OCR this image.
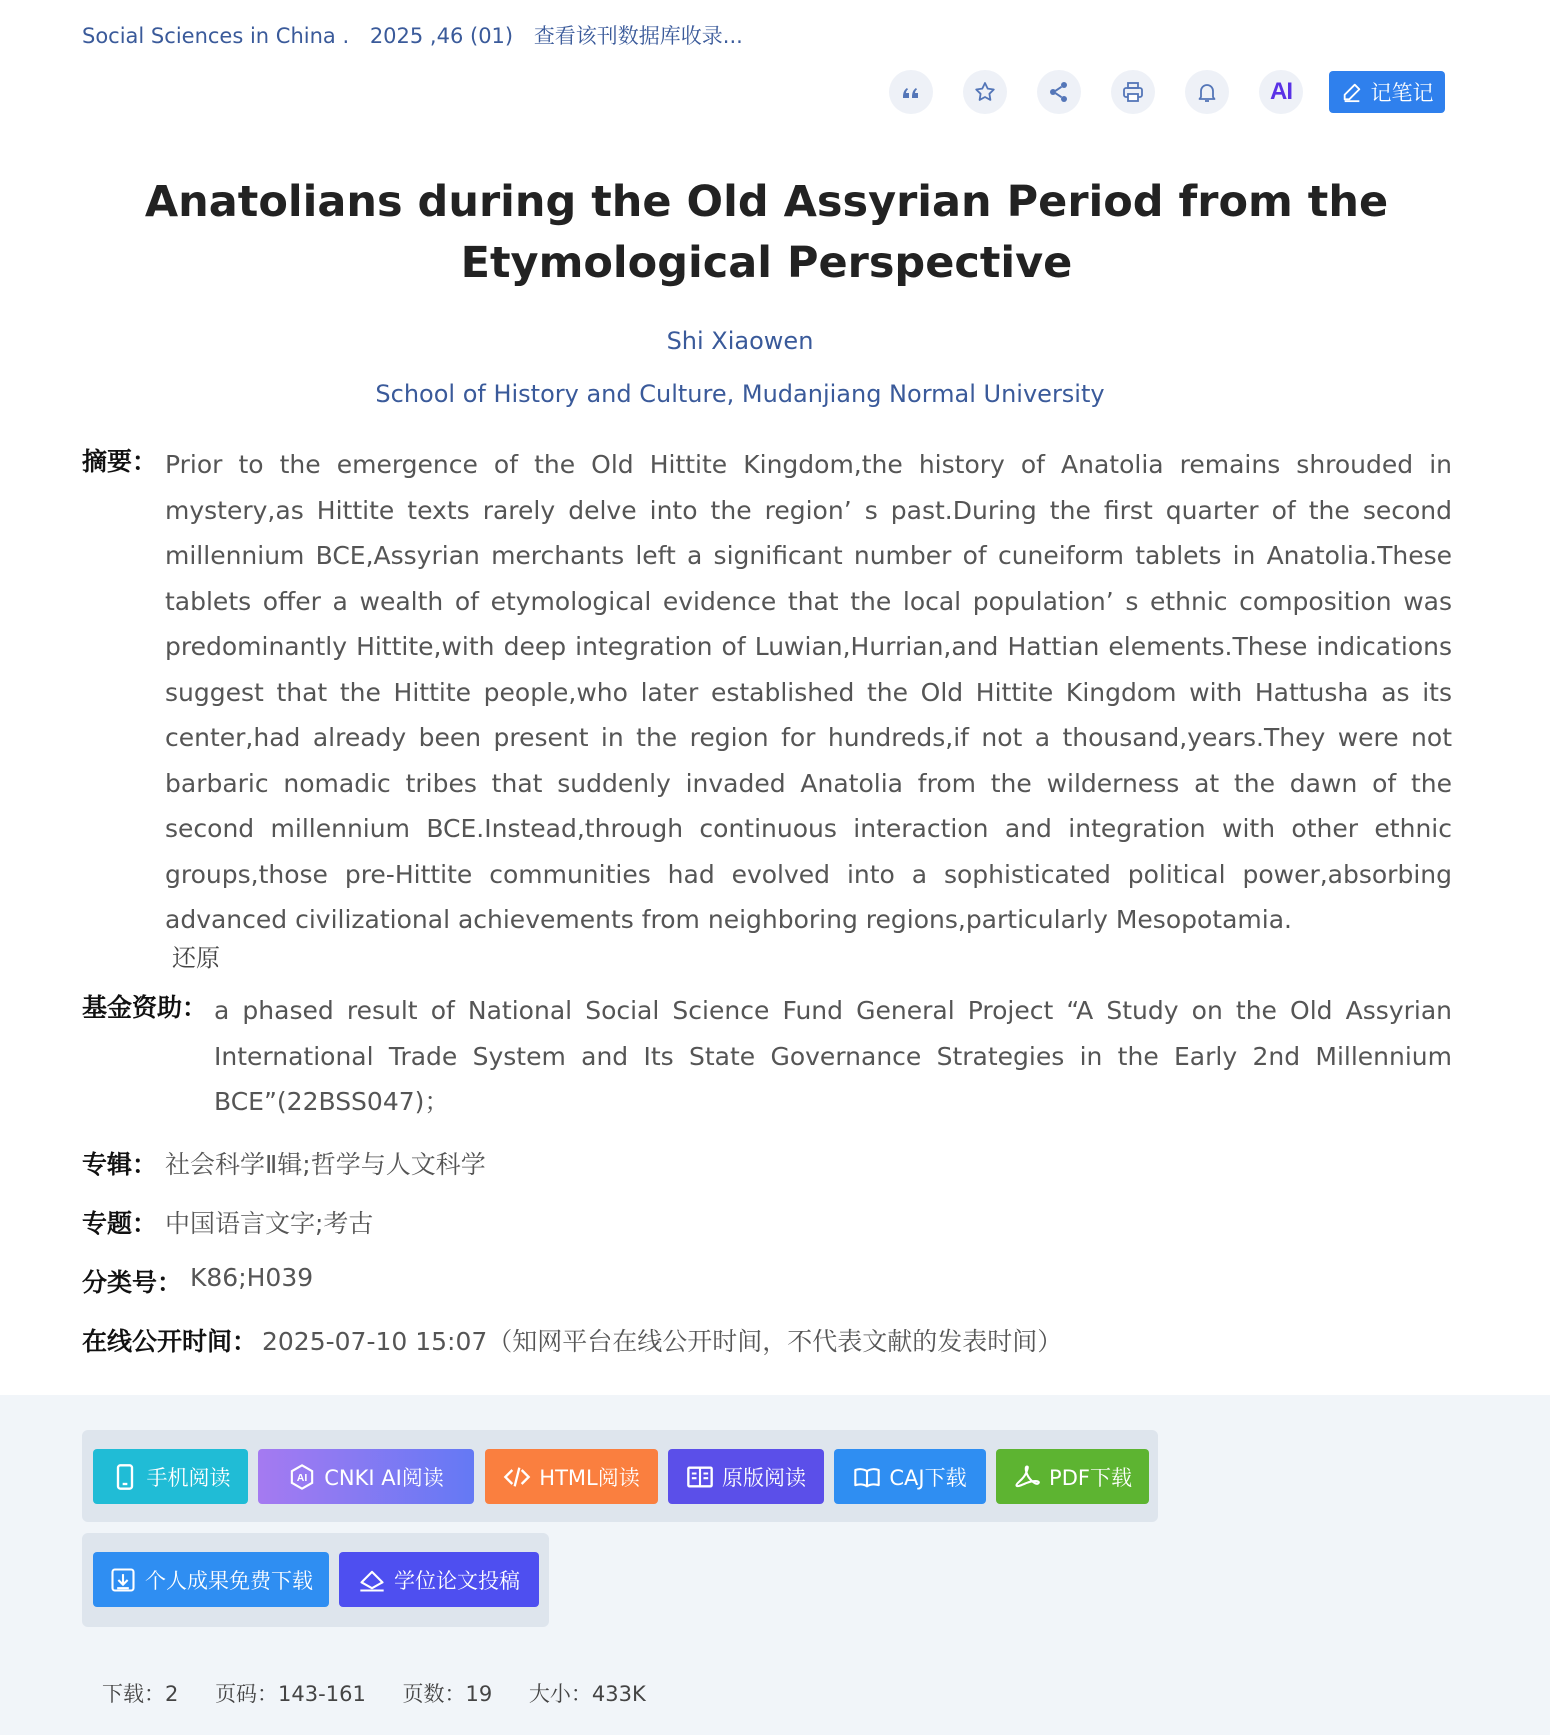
Social Sciences in China . 2025 ,46 (01) 查看该刊数据库收录...
AI	记笔记
Anatolians during the Old Assyrian Period from the Etymological Perspective
Shi Xiaowen
School of History and Culture, Mudanjiang Normal University
摘要： Prior to the emergence of the Old Hittite Kingdom,the history of Anatolia remains shrouded in mystery,as Hittite texts rarely delve into the region’ s past.During the first quarter of the second millennium BCE,Assyrian merchants left a significant number of cuneiform tablets in Anatolia.These tablets offer a wealth of etymological evidence that the local population’ s ethnic composition was predominantly Hittite,with deep integration of Luwian,Hurrian,and Hattian elements.These indications suggest that the Hittite people,who later established the Old Hittite Kingdom with Hattusha as its center,had already been present in the region for hundreds,if not a thousand,years.They were not barbaric nomadic tribes that suddenly invaded Anatolia from the wilderness at the dawn of the second millennium BCE.Instead,through continuous interaction and integration with other ethnic groups,those pre-Hittite communities had evolved into a sophisticated political power,absorbing advanced civilizational achievements from neighboring regions,particularly Mesopotamia.
还原
基金资助： a phased result of National Social Science Fund General Project “A Study on the Old Assyrian International Trade System and Its State Governance Strategies in the Early 2nd Millennium BCE”(22BSS047)；
专辑： 社会科学Ⅱ辑;哲学与人文科学
专题： 中国语言文字;考古
分类号： K86;H039
在线公开时间： 2025-07-10 15:07（知网平台在线公开时间，不代表文献的发表时间）
手机阅读	AI CNKI AI阅读	HTML阅读	原版阅读	CAJ下载	PDF下载
个人成果免费下载	学位论文投稿
下载：2 页码：143-161 页数：19 大小：433K
